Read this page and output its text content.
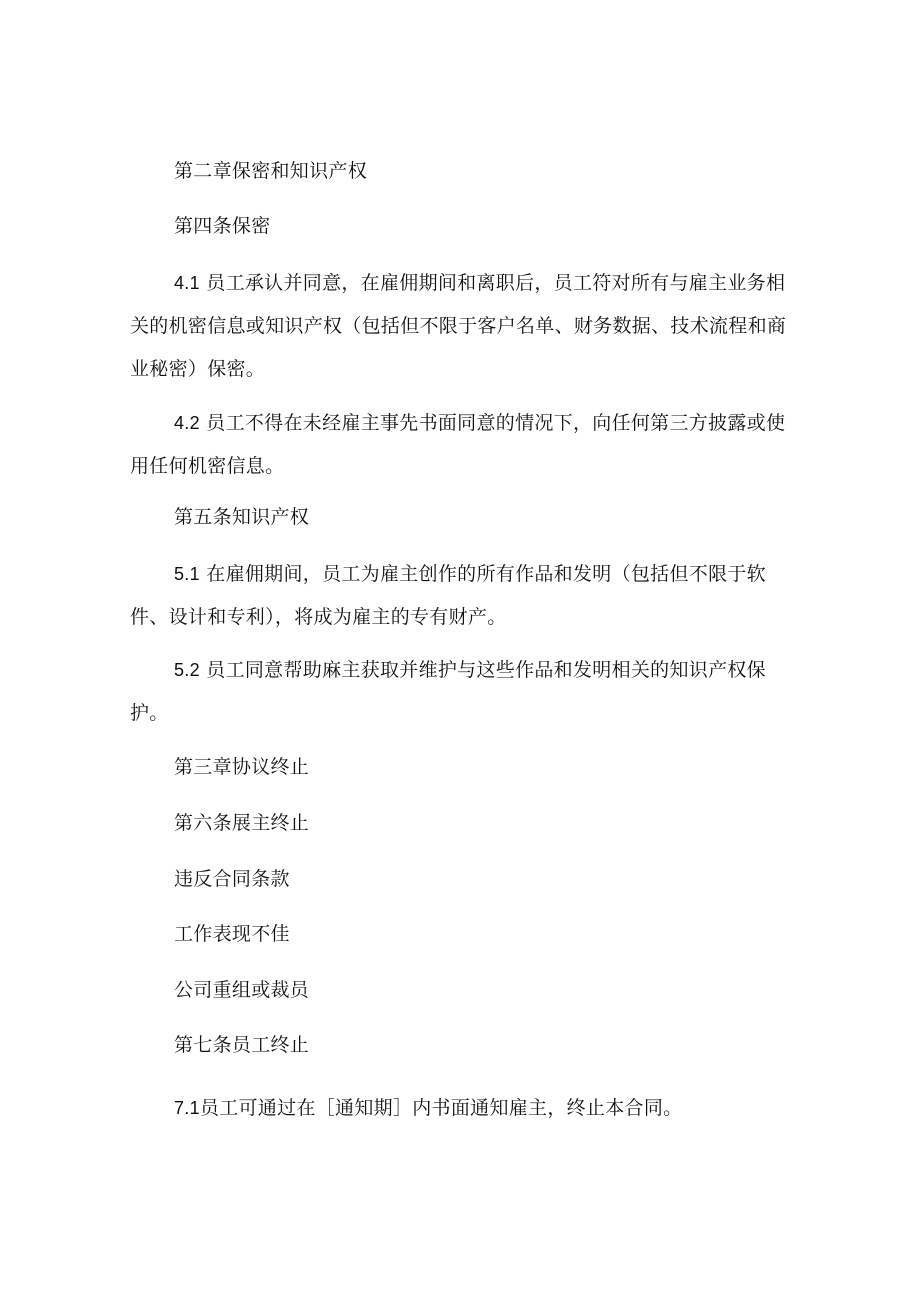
第二章保密和知识产权
第四条保密
4.1 员工承认并同意，在雇佣期间和离职后，员工符对所有与雇主业务相关的机密信息或知识产权（包括但不限于客户名单、财务数据、技术流程和商业秘密）保密。
4.2 员工不得在未经雇主事先书面同意的情况下，向任何第三方披露或使用任何机密信息。
第五条知识产权
5.1 在雇佣期间，员工为雇主创作的所有作品和发明（包括但不限于软件、设计和专利），将成为雇主的专有财产。
5.2 员工同意帮助麻主获取并维护与这些作品和发明相关的知识产权保护。
第三章协议终止
第六条展主终止
违反合同条款
工作表现不佳
公司重组或裁员
第七条员工终止
7.1员工可通过在［通知期］内书面通知雇主，终止本合同。
